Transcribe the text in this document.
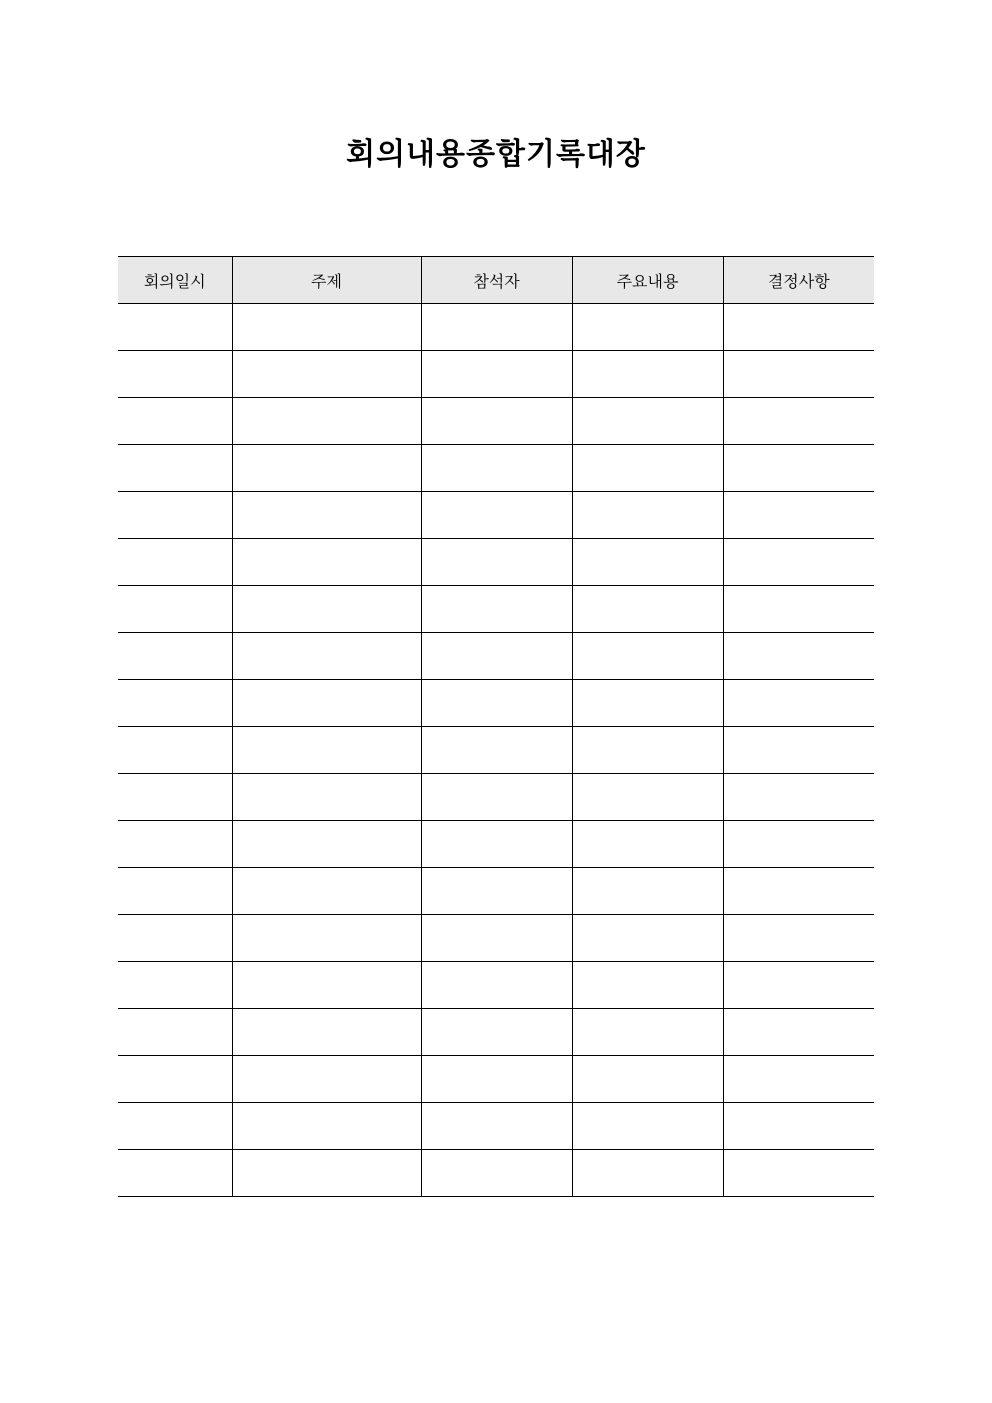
회의내용종합기록대장
회의일시	주제	참석자	주요내용	결정사항
